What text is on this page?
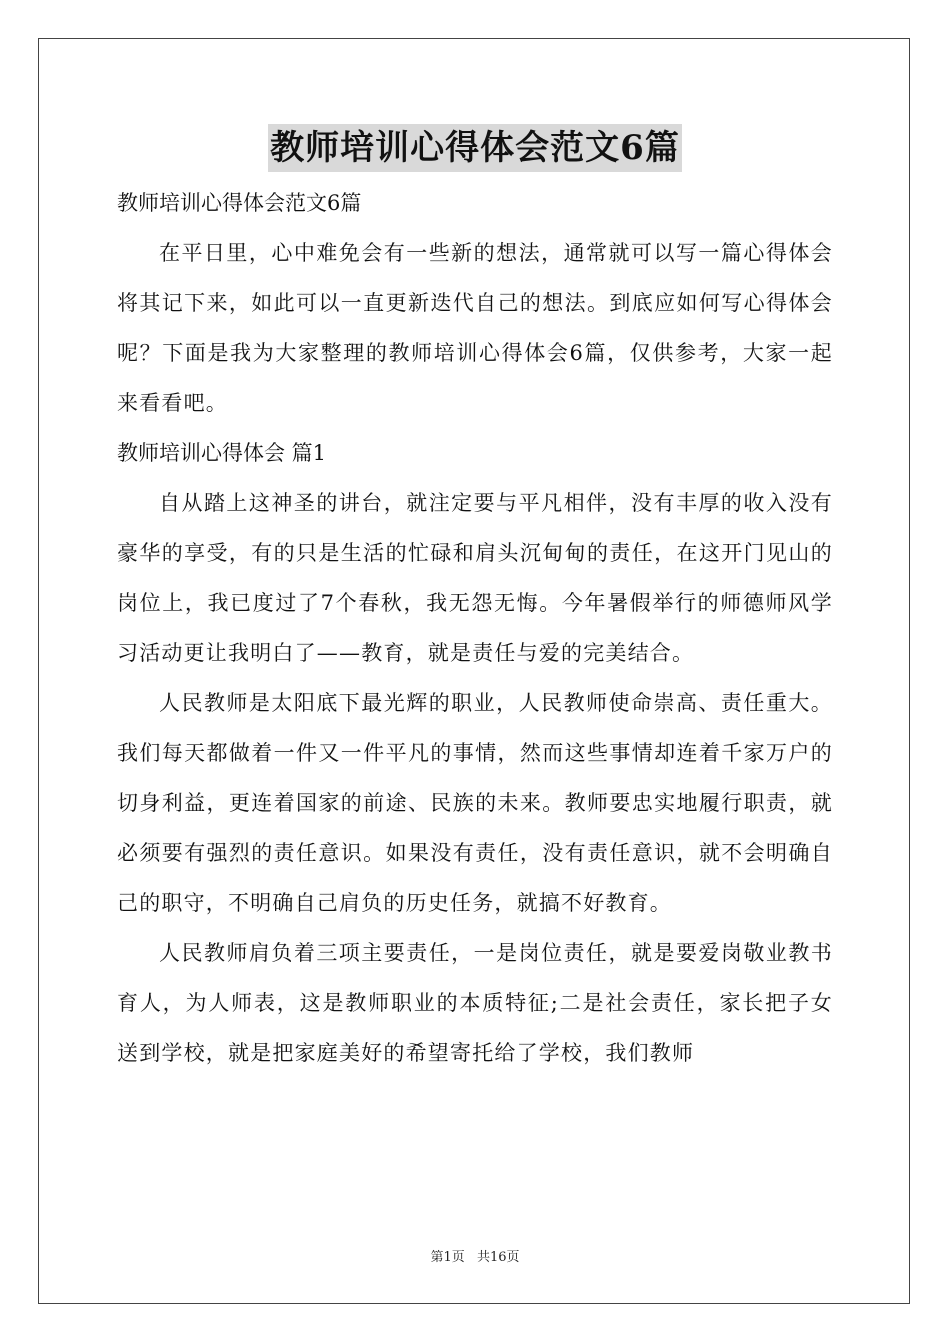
教师培训心得体会范文6篇

教师培训心得体会范文6篇

在平日里，心中难免会有一些新的想法，通常就可以写一篇心得体会将其记下来，如此可以一直更新迭代自己的想法。到底应如何写心得体会呢？下面是我为大家整理的教师培训心得体会6篇，仅供参考，大家一起来看看吧。

教师培训心得体会 篇1

自从踏上这神圣的讲台，就注定要与平凡相伴，没有丰厚的收入没有豪华的享受，有的只是生活的忙碌和肩头沉甸甸的责任，在这开门见山的岗位上，我已度过了7个春秋，我无怨无悔。今年暑假举行的师德师风学习活动更让我明白了——教育，就是责任与爱的完美结合。

人民教师是太阳底下最光辉的职业，人民教师使命崇高、责任重大。我们每天都做着一件又一件平凡的事情，然而这些事情却连着千家万户的切身利益，更连着国家的前途、民族的未来。教师要忠实地履行职责，就必须要有强烈的责任意识。如果没有责任，没有责任意识，就不会明确自己的职守，不明确自己肩负的历史任务，就搞不好教育。

人民教师肩负着三项主要责任，一是岗位责任，就是要爱岗敬业教书育人，为人师表，这是教师职业的本质特征;二是社会责任，家长把子女送到学校，就是把家庭美好的希望寄托给了学校，我们教师

第1页 共16页
